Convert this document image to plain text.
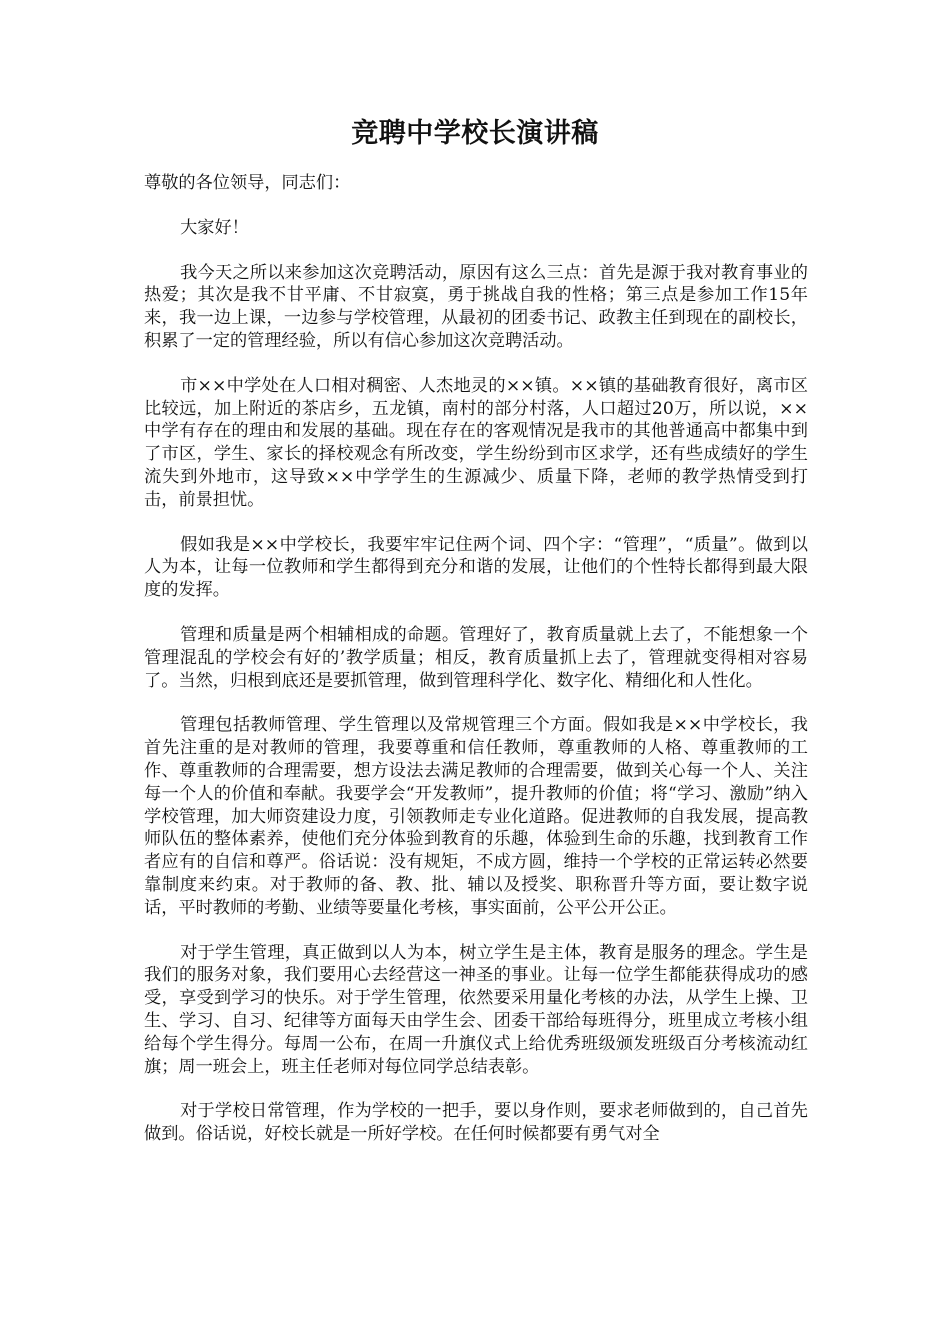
竞聘中学校长演讲稿
尊敬的各位领导，同志们：

大家好！

我今天之所以来参加这次竞聘活动，原因有这么三点：首先是源于我对教育事业的热爱；其次是我不甘平庸、不甘寂寞，勇于挑战自我的性格；第三点是参加工作15年来，我一边上课，一边参与学校管理，从最初的团委书记、政教主任到现在的副校长，积累了一定的管理经验，所以有信心参加这次竞聘活动。

市××中学处在人口相对稠密、人杰地灵的××镇。××镇的基础教育很好，离市区比较远，加上附近的茶店乡，五龙镇，南村的部分村落，人口超过20万，所以说，××中学有存在的理由和发展的基础。现在存在的客观情况是我市的其他普通高中都集中到了市区，学生、家长的择校观念有所改变，学生纷纷到市区求学，还有些成绩好的学生流失到外地市，这导致××中学学生的生源减少、质量下降，老师的教学热情受到打击，前景担忧。

假如我是××中学校长，我要牢牢记住两个词、四个字：“管理”，“质量”。做到以人为本，让每一位教师和学生都得到充分和谐的发展，让他们的个性特长都得到最大限度的发挥。

管理和质量是两个相辅相成的命题。管理好了，教育质量就上去了，不能想象一个管理混乱的学校会有好的’教学质量；相反，教育质量抓上去了，管理就变得相对容易了。当然，归根到底还是要抓管理，做到管理科学化、数字化、精细化和人性化。

管理包括教师管理、学生管理以及常规管理三个方面。假如我是××中学校长，我首先注重的是对教师的管理，我要尊重和信任教师，尊重教师的人格、尊重教师的工作、尊重教师的合理需要，想方设法去满足教师的合理需要，做到关心每一个人、关注每一个人的价值和奉献。我要学会“开发教师”，提升教师的价值；将“学习、激励”纳入学校管理，加大师资建设力度，引领教师走专业化道路。促进教师的自我发展，提高教师队伍的整体素养，使他们充分体验到教育的乐趣，体验到生命的乐趣，找到教育工作者应有的自信和尊严。俗话说：没有规矩，不成方圆，维持一个学校的正常运转必然要靠制度来约束。对于教师的备、教、批、辅以及授奖、职称晋升等方面，要让数字说话，平时教师的考勤、业绩等要量化考核，事实面前，公平公开公正。

对于学生管理，真正做到以人为本，树立学生是主体，教育是服务的理念。学生是我们的服务对象，我们要用心去经营这一神圣的事业。让每一位学生都能获得成功的感受，享受到学习的快乐。对于学生管理，依然要采用量化考核的办法，从学生上操、卫生、学习、自习、纪律等方面每天由学生会、团委干部给每班得分，班里成立考核小组给每个学生得分。每周一公布，在周一升旗仪式上给优秀班级颁发班级百分考核流动红旗；周一班会上，班主任老师对每位同学总结表彰。

对于学校日常管理，作为学校的一把手，要以身作则，要求老师做到的，自己首先做到。俗话说，好校长就是一所好学校。在任何时候都要有勇气对全
